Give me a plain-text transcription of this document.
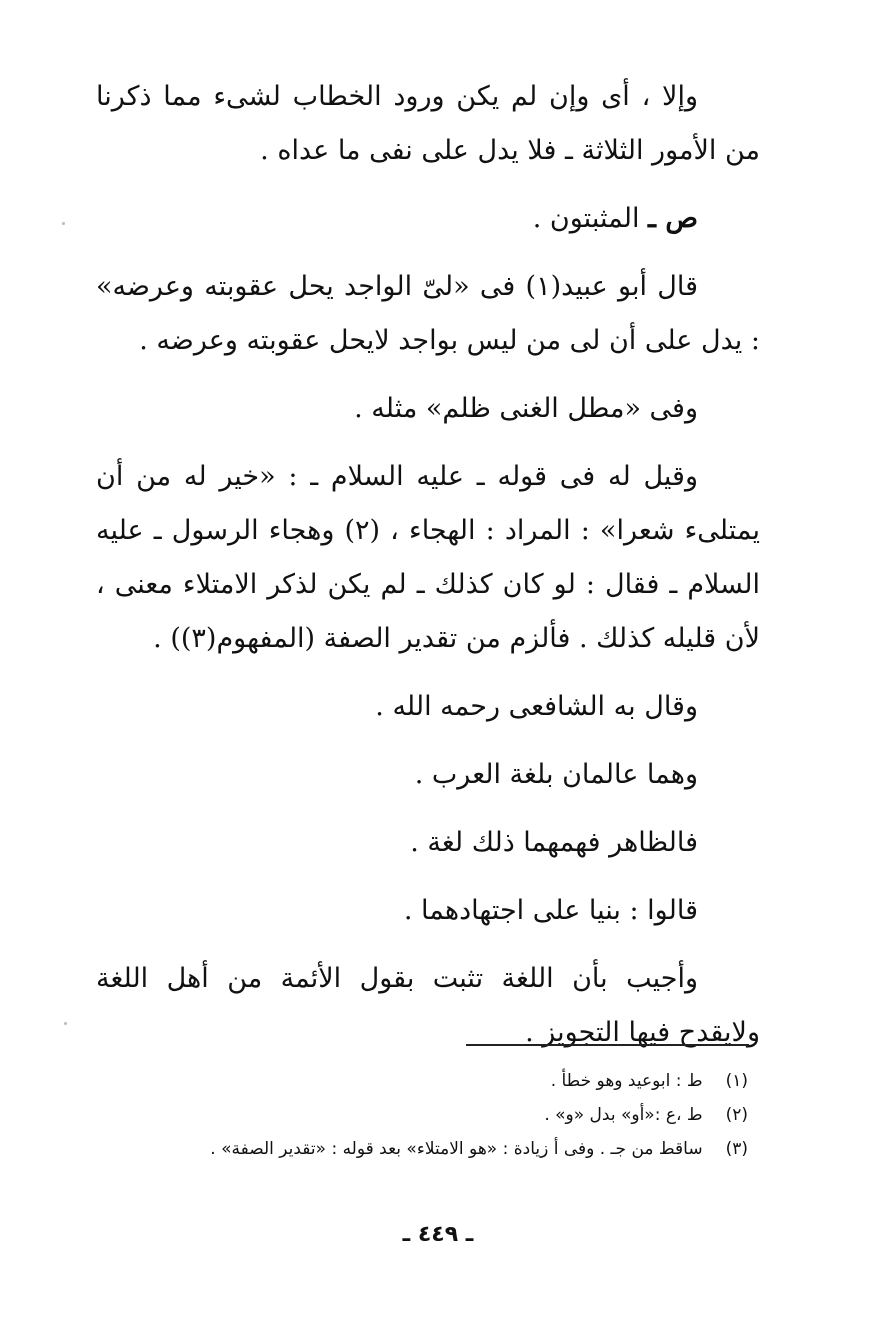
وإلا ، أى وإن لم يكن ورود الخطاب لشىء مما ذكرنا من الأمور الثلاثة ـ فلا يدل على نفى ما عداه .

ص ـ المثبتون .

قال أبو عبيد(١) فى «لىّ الواجد يحل عقوبته وعرضه» : يدل على أن لى من ليس بواجد لايحل عقوبته وعرضه .

وفى «مطل الغنى ظلم» مثله .

وقيل له فى قوله ـ عليه السلام ـ : «خير له من أن يمتلىء شعرا» : المراد : الهجاء ، (٢) وهجاء الرسول ـ عليه السلام ـ فقال : لو كان كذلك ـ لم يكن لذكر الامتلاء معنى ، لأن قليله كذلك . فألزم من تقدير الصفة (المفهوم(٣)) .

وقال به الشافعى رحمه الله .

وهما عالمان بلغة العرب .

فالظاهر فهمهما ذلك لغة .

قالوا : بنيا على اجتهادهما .

وأجيب بأن اللغة تثبت بقول الأئمة من أهل اللغة ولايقدح فيها التجويز .

(١) ط : ابوعيد وهو خطأ .
(٢) ط ،ع :«أو» بدل «و» .
(٣) ساقط من جـ . وفى أ زيادة : «هو الامتلاء» بعد قوله : «تقدير الصفة» .
ـ ٤٤٩ ـ
